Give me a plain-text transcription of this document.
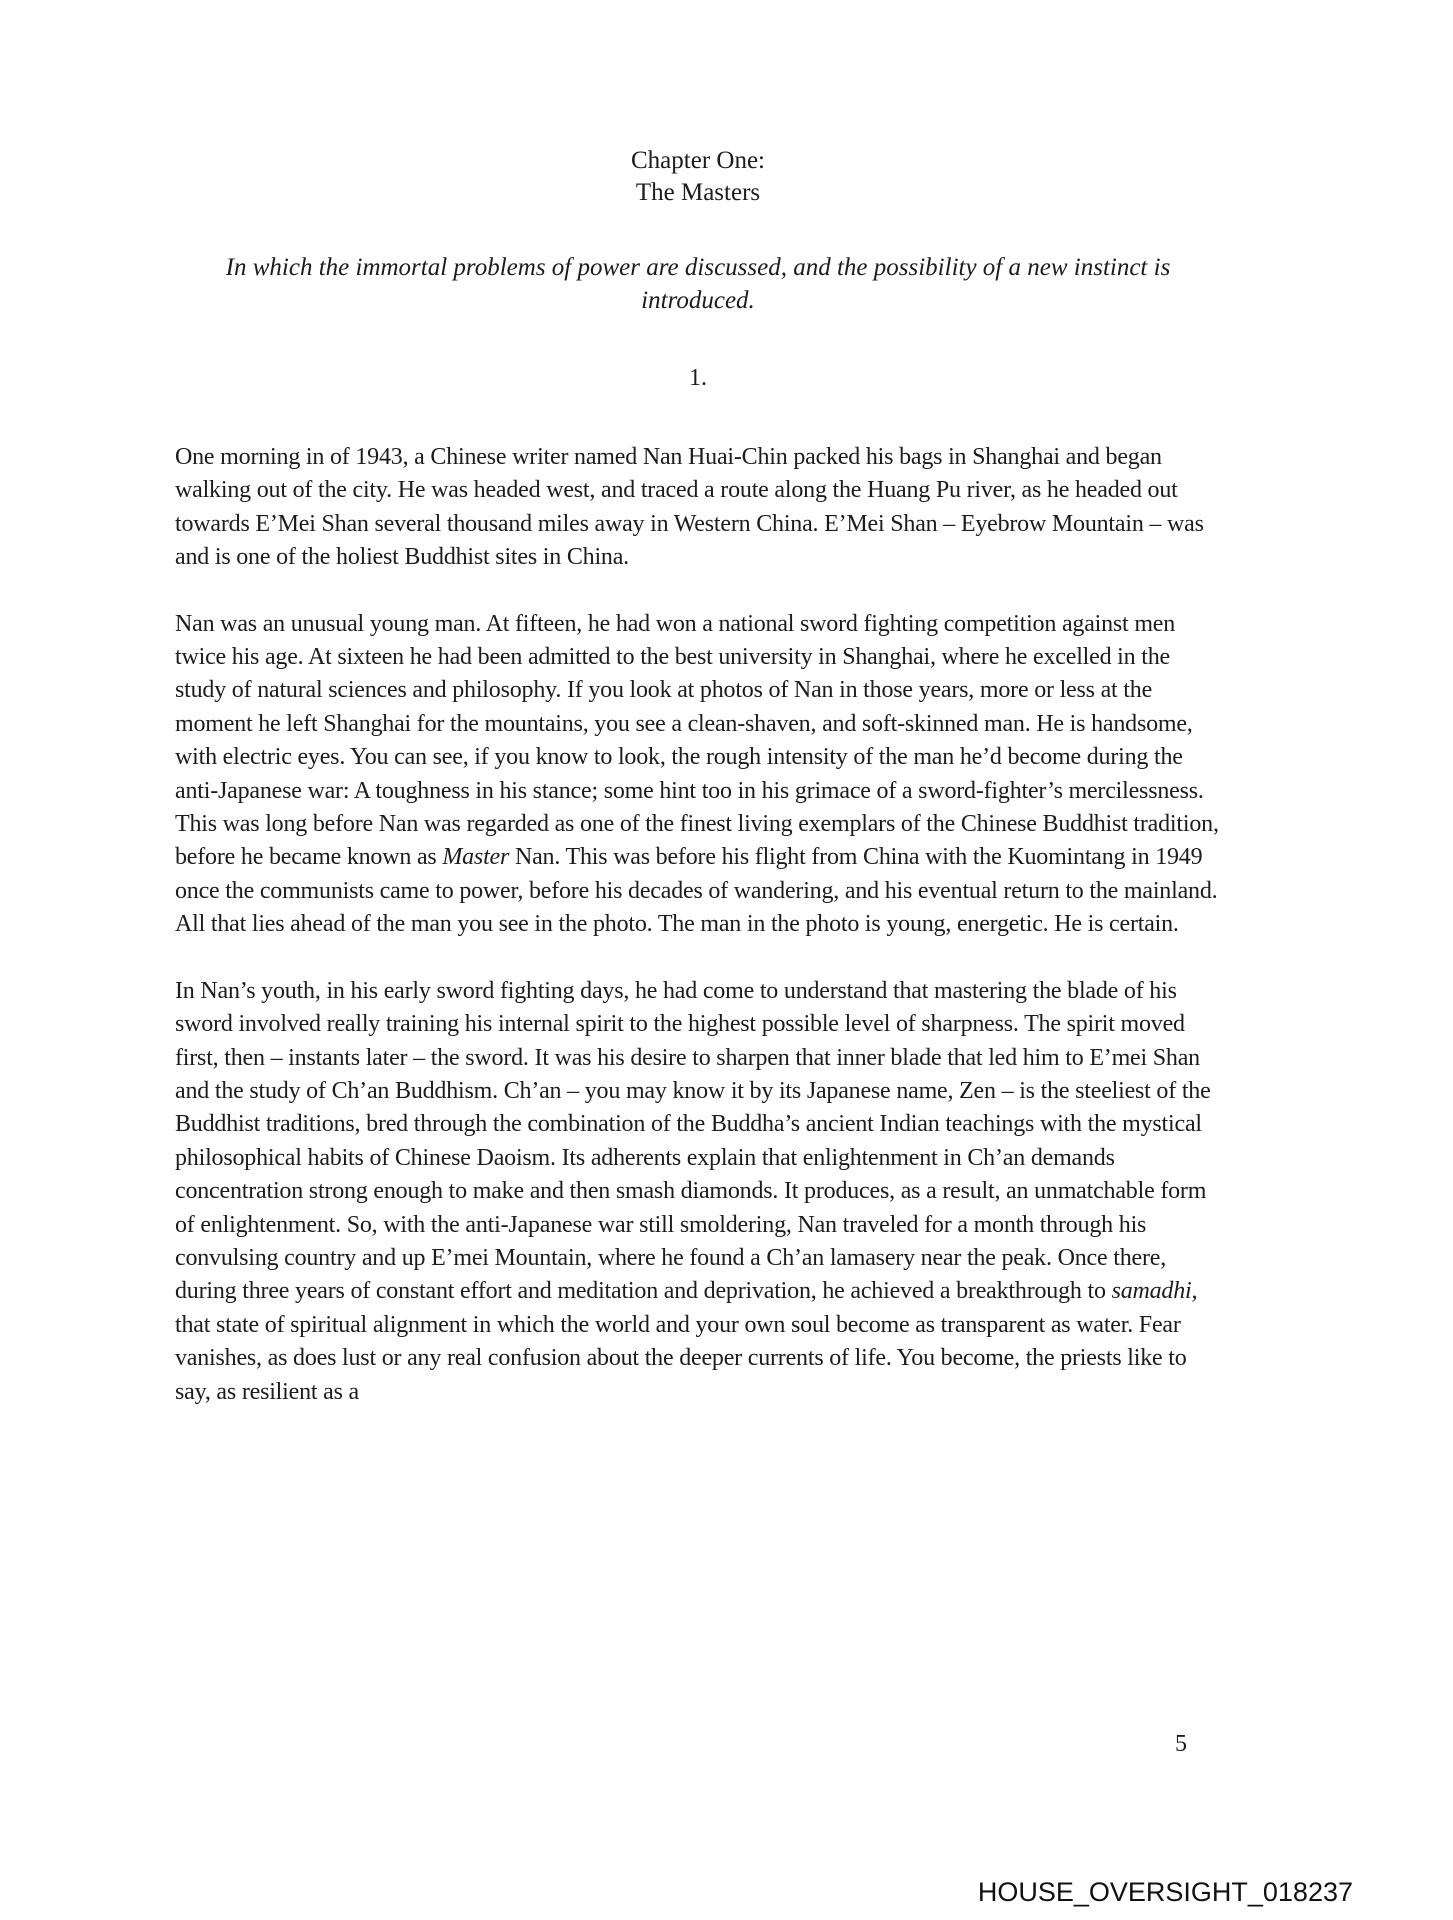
Chapter One:
The Masters
In which the immortal problems of power are discussed, and the possibility of a new instinct is introduced.
1.

One morning in of 1943, a Chinese writer named Nan Huai-Chin packed his bags in Shanghai and began walking out of the city. He was headed west, and traced a route along the Huang Pu river, as he headed out towards E’Mei Shan several thousand miles away in Western China. E’Mei Shan – Eyebrow Mountain – was and is one of the holiest Buddhist sites in China.

Nan was an unusual young man. At fifteen, he had won a national sword fighting competition against men twice his age. At sixteen he had been admitted to the best university in Shanghai, where he excelled in the study of natural sciences and philosophy. If you look at photos of Nan in those years, more or less at the moment he left Shanghai for the mountains, you see a clean-shaven, and soft-skinned man. He is handsome, with electric eyes. You can see, if you know to look, the rough intensity of the man he’d become during the anti-Japanese war: A toughness in his stance; some hint too in his grimace of a sword-fighter’s mercilessness. This was long before Nan was regarded as one of the finest living exemplars of the Chinese Buddhist tradition, before he became known as Master Nan. This was before his flight from China with the Kuomintang in 1949 once the communists came to power, before his decades of wandering, and his eventual return to the mainland. All that lies ahead of the man you see in the photo. The man in the photo is young, energetic. He is certain.

In Nan’s youth, in his early sword fighting days, he had come to understand that mastering the blade of his sword involved really training his internal spirit to the highest possible level of sharpness. The spirit moved first, then – instants later – the sword. It was his desire to sharpen that inner blade that led him to E’mei Shan and the study of Ch’an Buddhism. Ch’an – you may know it by its Japanese name, Zen – is the steeliest of the Buddhist traditions, bred through the combination of the Buddha’s ancient Indian teachings with the mystical philosophical habits of Chinese Daoism. Its adherents explain that enlightenment in Ch’an demands concentration strong enough to make and then smash diamonds. It produces, as a result, an unmatchable form of enlightenment. So, with the anti-Japanese war still smoldering, Nan traveled for a month through his convulsing country and up E’mei Mountain, where he found a Ch’an lamasery near the peak. Once there, during three years of constant effort and meditation and deprivation, he achieved a breakthrough to samadhi, that state of spiritual alignment in which the world and your own soul become as transparent as water. Fear vanishes, as does lust or any real confusion about the deeper currents of life. You become, the priests like to say, as resilient as a

5
HOUSE_OVERSIGHT_018237
